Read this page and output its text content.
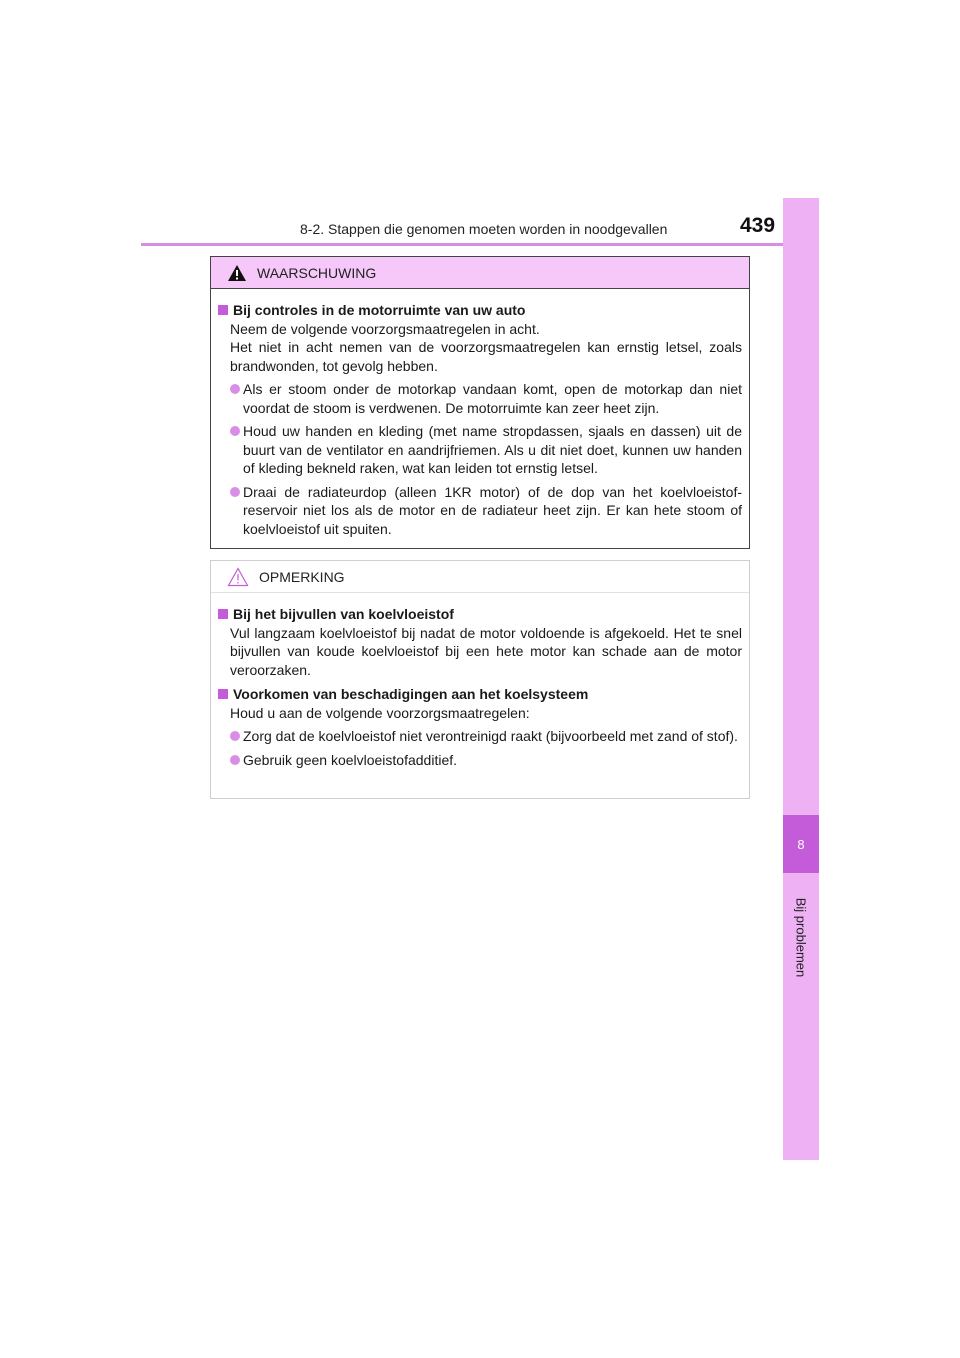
8-2. Stappen die genomen moeten worden in noodgevallen	439
8
Bij problemen
WAARSCHUWING
Bij controles in de motorruimte van uw auto
Neem de volgende voorzorgsmaatregelen in acht.
Het niet in acht nemen van de voorzorgsmaatregelen kan ernstig letsel, zoals brandwonden, tot gevolg hebben.
Als er stoom onder de motorkap vandaan komt, open de motorkap dan niet voordat de stoom is verdwenen. De motorruimte kan zeer heet zijn.
Houd uw handen en kleding (met name stropdassen, sjaals en dassen) uit de buurt van de ventilator en aandrijfriemen. Als u dit niet doet, kunnen uw handen of kleding bekneld raken, wat kan leiden tot ernstig letsel.
Draai de radiateurdop (alleen 1KR motor) of de dop van het koelvloeistof-reservoir niet los als de motor en de radiateur heet zijn. Er kan hete stoom of koelvloeistof uit spuiten.
OPMERKING
Bij het bijvullen van koelvloeistof
Vul langzaam koelvloeistof bij nadat de motor voldoende is afgekoeld. Het te snel bijvullen van koude koelvloeistof bij een hete motor kan schade aan de motor veroorzaken.
Voorkomen van beschadigingen aan het koelsysteem
Houd u aan de volgende voorzorgsmaatregelen:
Zorg dat de koelvloeistof niet verontreinigd raakt (bijvoorbeeld met zand of stof).
Gebruik geen koelvloeistofadditief.
